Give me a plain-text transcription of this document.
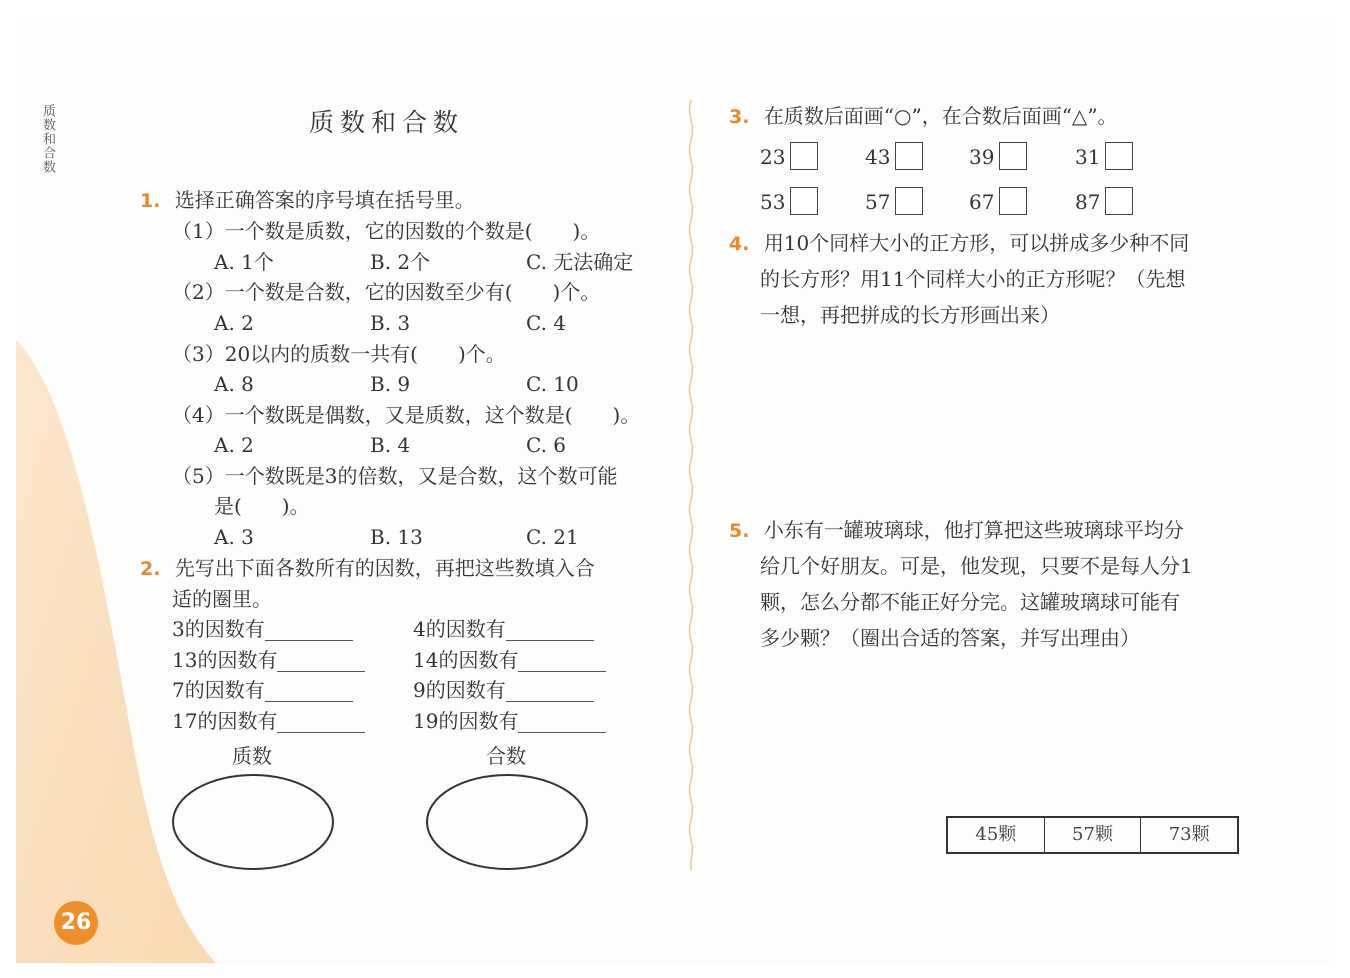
质数和合数	质数和合数
1. 选择正确答案的序号填在括号里。
（1）一个数是质数，它的因数的个数是(　　)。
A. 1个	B. 2个	C. 无法确定
（2）一个数是合数，它的因数至少有(　　)个。
A. 2	B. 3	C. 4
（3）20以内的质数一共有(　　)个。
A. 8	B. 9	C. 10
（4）一个数既是偶数，又是质数，这个数是(　　)。
A. 2	B. 4	C. 6
（5）一个数既是3的倍数，又是合数，这个数可能
是(　　)。
A. 3	B. 13	C. 21
2. 先写出下面各数所有的因数，再把这些数填入合
适的圈里。
3的因数有	4的因数有
13的因数有	14的因数有
7的因数有	9的因数有
17的因数有	19的因数有
质数	合数
26
3. 在质数后面画“○”，在合数后面画“△”。
23	43	39	31
53	57	67	87
4. 用10个同样大小的正方形，可以拼成多少种不同
的长方形？用11个同样大小的正方形呢？（先想
一想，再把拼成的长方形画出来）
5. 小东有一罐玻璃球，他打算把这些玻璃球平均分
给几个好朋友。可是，他发现，只要不是每人分1
颗，怎么分都不能正好分完。这罐玻璃球可能有
多少颗？（圈出合适的答案，并写出理由）
45颗	57颗	73颗
